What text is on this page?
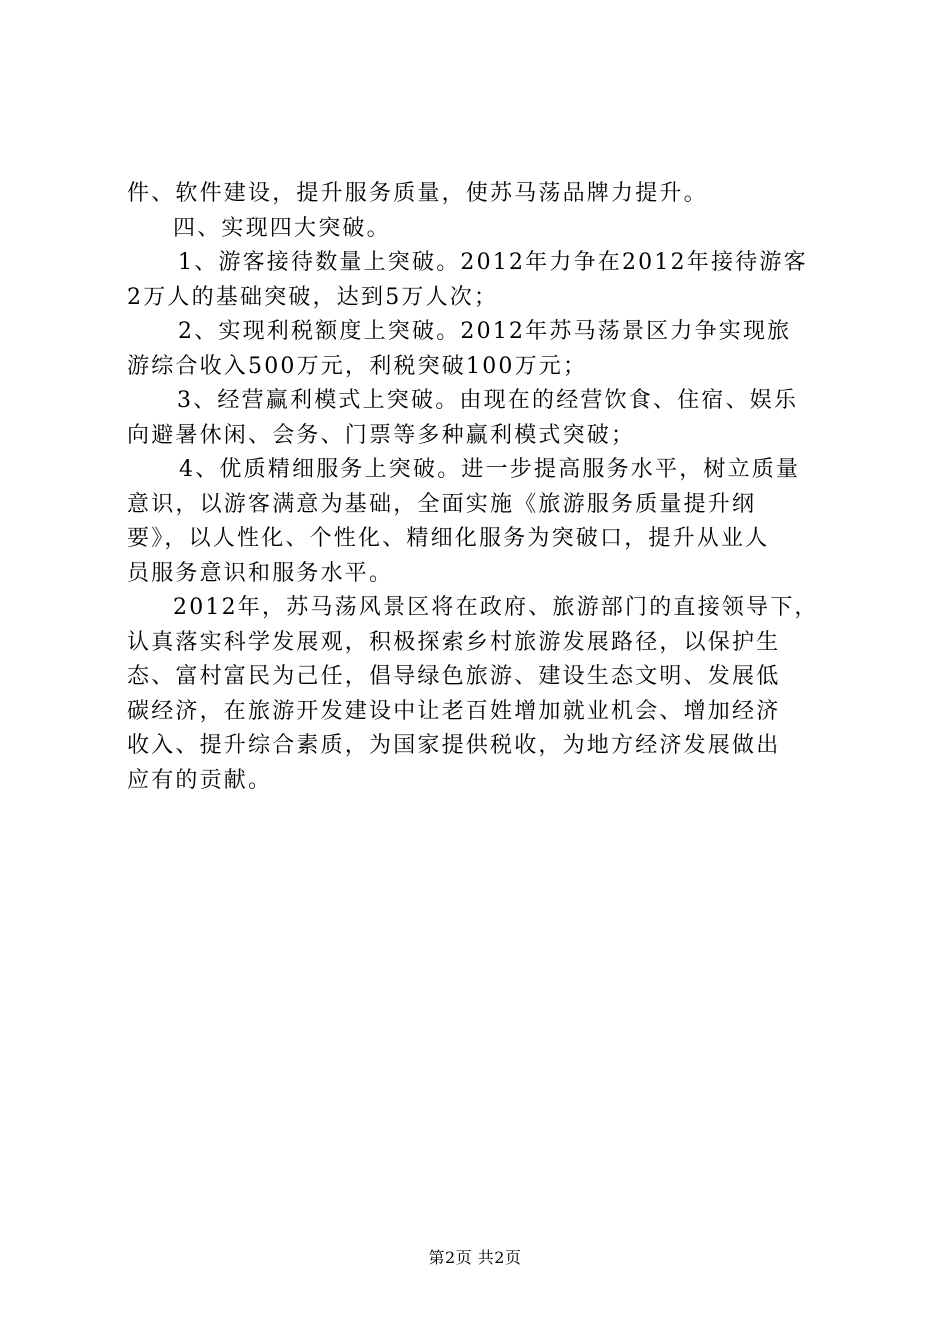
件、软件建设，提升服务质量，使苏马荡品牌力提升。
四、实现四大突破。
1、游客接待数量上突破。2012年力争在2012年接待游客
2万人的基础突破，达到5万人次；
2、实现利税额度上突破。2012年苏马荡景区力争实现旅
游综合收入500万元，利税突破100万元；
3、经营赢利模式上突破。由现在的经营饮食、住宿、娱乐
向避暑休闲、会务、门票等多种赢利模式突破；
4、优质精细服务上突破。进一步提高服务水平，树立质量
意识，以游客满意为基础，全面实施《旅游服务质量提升纲
要》，以人性化、个性化、精细化服务为突破口，提升从业人
员服务意识和服务水平。
2012年，苏马荡风景区将在政府、旅游部门的直接领导下，
认真落实科学发展观，积极探索乡村旅游发展路径，以保护生
态、富村富民为己任，倡导绿色旅游、建设生态文明、发展低
碳经济，在旅游开发建设中让老百姓增加就业机会、增加经济
收入、提升综合素质，为国家提供税收，为地方经济发展做出
应有的贡献。
第2页 共2页
